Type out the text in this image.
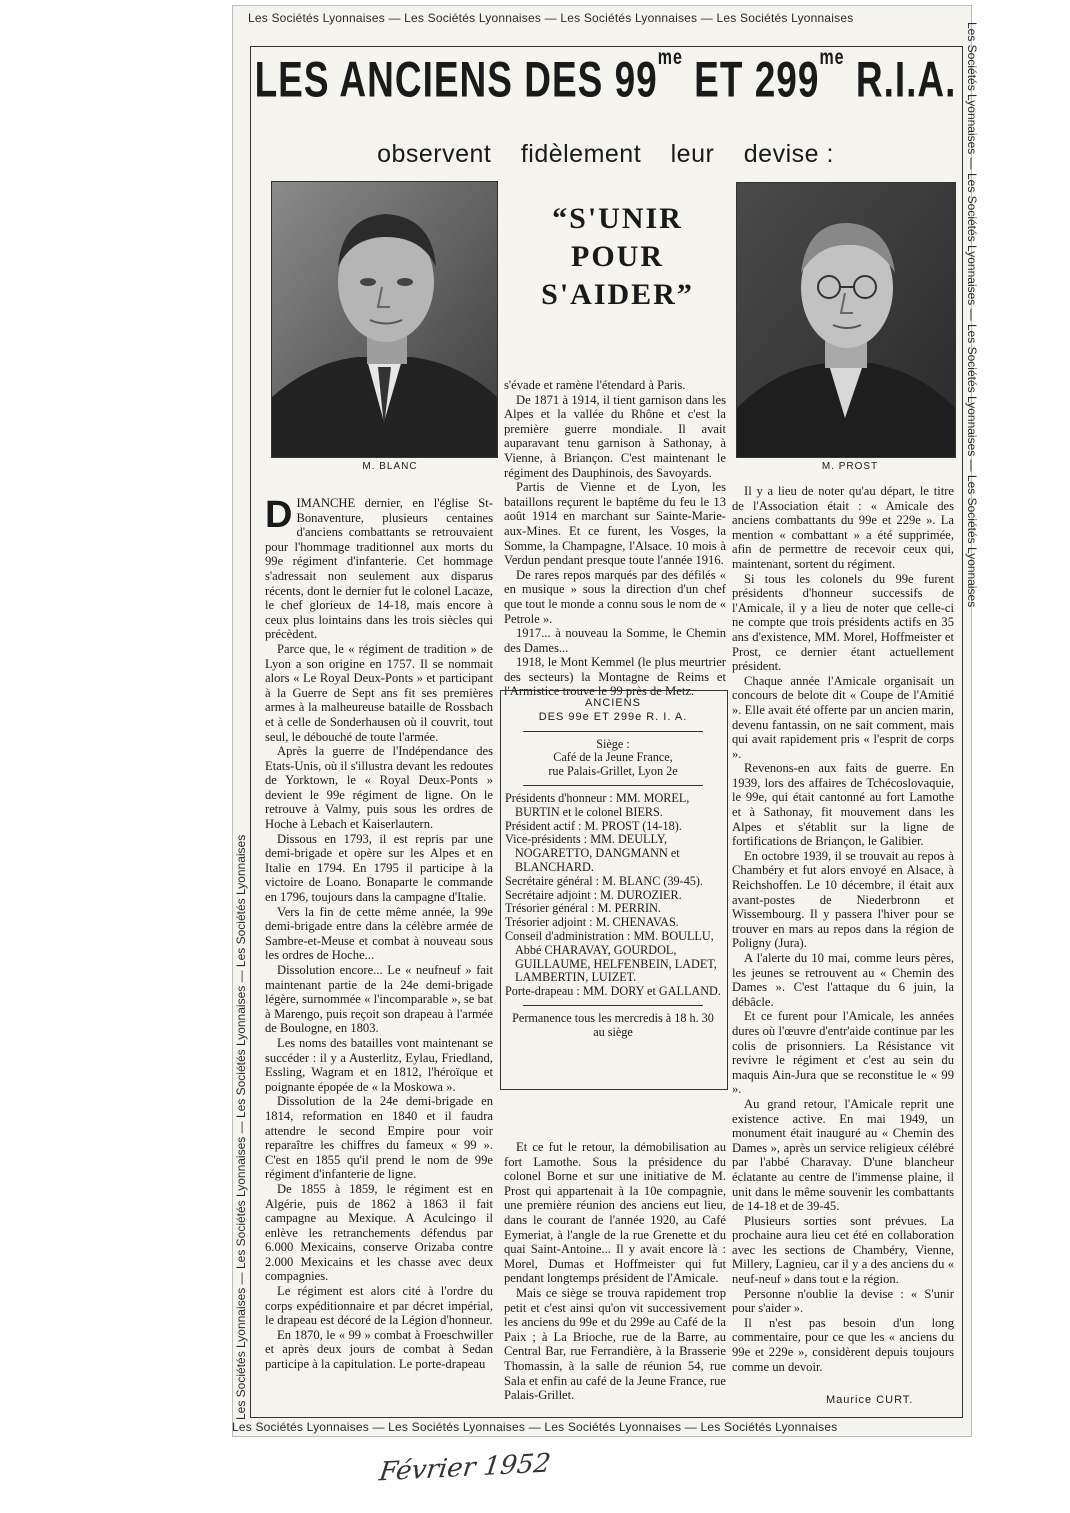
Les Sociétés Lyonnaises — Les Sociétés Lyonnaises — Les Sociétés Lyonnaises — Les Sociétés Lyonnaises
Les Sociétés Lyonnaises — Les Sociétés Lyonnaises — Les Sociétés Lyonnaises — Les Sociétés Lyonnaises
Les Sociétés Lyonnaises — Les Sociétés Lyonnaises — Les Sociétés Lyonnaises — Les Sociétés Lyonnaises
Les Sociétés Lyonnaises — Les Sociétés Lyonnaises — Les Sociétés Lyonnaises — Les Sociétés Lyonnaises
LES ANCIENS DES $99^{me}$ ET $299^{me}$ R.I.A.
observent fidèlement leur devise :
M. BLANC	M. PROST
“S'UNIR
POUR
S'AIDER”

DIMANCHE dernier, en l'église St-Bonaventure, plusieurs centaines d'anciens combattants se retrouvaient pour l'hommage traditionnel aux morts du 99e régiment d'infanterie. Cet hommage s'adressait non seulement aux disparus récents, dont le dernier fut le colonel Lacaze, le chef glorieux de 14-18, mais encore à ceux plus lointains dans les trois siècles qui précèdent.

Parce que, le « régiment de tradition » de Lyon a son origine en 1757. Il se nommait alors « Le Royal Deux-Ponts » et participant à la Guerre de Sept ans fit ses premières armes à la malheureuse bataille de Rossbach et à celle de Sonderhausen où il couvrit, tout seul, le débouché de toute l'armée.

Après la guerre de l'Indépendance des Etats-Unis, où il s'illustra devant les redoutes de Yorktown, le « Royal Deux-Ponts » devient le 99e régiment de ligne. On le retrouve à Valmy, puis sous les ordres de Hoche à Lebach et Kaiserlautern.

Dissous en 1793, il est repris par une demi-brigade et opère sur les Alpes et en Italie en 1794. En 1795 il participe à la victoire de Loano. Bonaparte le commande en 1796, toujours dans la campagne d'Italie.

Vers la fin de cette même année, la 99e demi-brigade entre dans la célèbre armée de Sambre-et-Meuse et combat à nouveau sous les ordres de Hoche...

Dissolution encore... Le « neufneuf » fait maintenant partie de la 24e demi-brigade légère, surnommée « l'incomparable », se bat à Marengo, puis reçoit son drapeau à l'armée de Boulogne, en 1803.

Les noms des batailles vont maintenant se succéder : il y a Austerlitz, Eylau, Friedland, Essling, Wagram et en 1812, l'héroïque et poignante épopée de « la Moskowa ».

Dissolution de la 24e demi-brigade en 1814, reformation en 1840 et il faudra attendre le second Empire pour voir reparaître les chiffres du fameux « 99 ». C'est en 1855 qu'il prend le nom de 99e régiment d'infanterie de ligne.

De 1855 à 1859, le régiment est en Algérie, puis de 1862 à 1863 il fait campagne au Mexique. A Aculcingo il enlève les retranchements défendus par 6.000 Mexicains, conserve Orizaba contre 2.000 Mexicains et les chasse avec deux compagnies.

Le régiment est alors cité à l'ordre du corps expéditionnaire et par décret impérial, le drapeau est décoré de la Légion d'honneur.

En 1870, le « 99 » combat à Froeschwiller et après deux jours de combat à Sedan participe à la capitulation. Le porte-drapeau

s'évade et ramène l'étendard à Paris.

De 1871 à 1914, il tient garnison dans les Alpes et la vallée du Rhône et c'est la première guerre mondiale. Il avait auparavant tenu garnison à Sathonay, à Vienne, à Briançon. C'est maintenant le régiment des Dauphinois, des Savoyards.

Partis de Vienne et de Lyon, les bataillons reçurent le baptême du feu le 13 août 1914 en marchant sur Sainte-Marie-aux-Mines. Et ce furent, les Vosges, la Somme, la Champagne, l'Alsace. 10 mois à Verdun pendant presque toute l'année 1916.

De rares repos marqués par des défilés « en musique » sous la direction d'un chef que tout le monde a connu sous le nom de « Petrole ».

1917... à nouveau la Somme, le Chemin des Dames...

1918, le Mont Kemmel (le plus meurtrier des secteurs) la Montagne de Reims et l'Armistice trouve le 99 près de Metz.

ANCIENS
DES 99e ET 299e R. I. A.
Siège :
Café de la Jeune France,
rue Palais-Grillet, Lyon 2e

Présidents d'honneur : MM. MOREL, BURTIN et le colonel BIERS.

Président actif : M. PROST (14-18).

Vice-présidents : MM. DEULLY, NOGARETTO, DANGMANN et BLANCHARD.

Secrétaire général : M. BLANC (39-45).

Secrétaire adjoint : M. DUROZIER.

Trésorier général : M. PERRIN.

Trésorier adjoint : M. CHENAVAS.

Conseil d'administration : MM. BOULLU, Abbé CHARAVAY, GOURDOL, GUILLAUME, HELFENBEIN, LADET, LAMBERTIN, LUIZET.

Porte-drapeau : MM. DORY et GALLAND.

Permanence tous les mercredis à 18 h. 30 au siège

Et ce fut le retour, la démobilisation au fort Lamothe. Sous la présidence du colonel Borne et sur une initiative de M. Prost qui appartenait à la 10e compagnie, une première réunion des anciens eut lieu, dans le courant de l'année 1920, au Café Eymeriat, à l'angle de la rue Grenette et du quai Saint-Antoine... Il y avait encore là : Morel, Dumas et Hoffmeister qui fut pendant longtemps président de l'Amicale.

Mais ce siège se trouva rapidement trop petit et c'est ainsi qu'on vit successivement les anciens du 99e et du 299e au Café de la Paix ; à La Brioche, rue de la Barre, au Central Bar, rue Ferrandière, à la Brasserie Thomassin, à la salle de réunion 54, rue Sala et enfin au café de la Jeune France, rue Palais-Grillet.

Il y a lieu de noter qu'au départ, le titre de l'Association était : « Amicale des anciens combattants du 99e et 229e ». La mention « combattant » a été supprimée, afin de permettre de recevoir ceux qui, maintenant, sortent du régiment.

Si tous les colonels du 99e furent présidents d'honneur successifs de l'Amicale, il y a lieu de noter que celle-ci ne compte que trois présidents actifs en 35 ans d'existence, MM. Morel, Hoffmeister et Prost, ce dernier étant actuellement président.

Chaque année l'Amicale organisait un concours de belote dit « Coupe de l'Amitié ». Elle avait été offerte par un ancien marin, devenu fantassin, on ne sait comment, mais qui avait rapidement pris « l'esprit de corps ».

Revenons-en aux faits de guerre. En 1939, lors des affaires de Tchécoslovaquie, le 99e, qui était cantonné au fort Lamothe et à Sathonay, fit mouvement dans les Alpes et s'établit sur la ligne de fortifications de Briançon, le Galibier.

En octobre 1939, il se trouvait au repos à Chambéry et fut alors envoyé en Alsace, à Reichshoffen. Le 10 décembre, il était aux avant-postes de Niederbronn et Wissembourg. Il y passera l'hiver pour se trouver en mars au repos dans la région de Poligny (Jura).

A l'alerte du 10 mai, comme leurs pères, les jeunes se retrouvent au « Chemin des Dames ». C'est l'attaque du 6 juin, la débâcle.

Et ce furent pour l'Amicale, les années dures où l'œuvre d'entr'aide continue par les colis de prisonniers. La Résistance vit revivre le régiment et c'est au sein du maquis Ain-Jura que se reconstitue le « 99 ».

Au grand retour, l'Amicale reprit une existence active. En mai 1949, un monument était inauguré au « Chemin des Dames », après un service religieux célébré par l'abbé Charavay. D'une blancheur éclatante au centre de l'immense plaine, il unit dans le même souvenir les combattants de 14-18 et de 39-45.

Plusieurs sorties sont prévues. La prochaine aura lieu cet été en collaboration avec les sections de Chambéry, Vienne, Millery, Lagnieu, car il y a des anciens du « neuf-neuf » dans tout e la région.

Personne n'oublie la devise : « S'unir pour s'aider ».

Il n'est pas besoin d'un long commentaire, pour ce que les « anciens du 99e et 229e », considèrent depuis toujours comme un devoir.

Maurice CURT.
Février 1952
